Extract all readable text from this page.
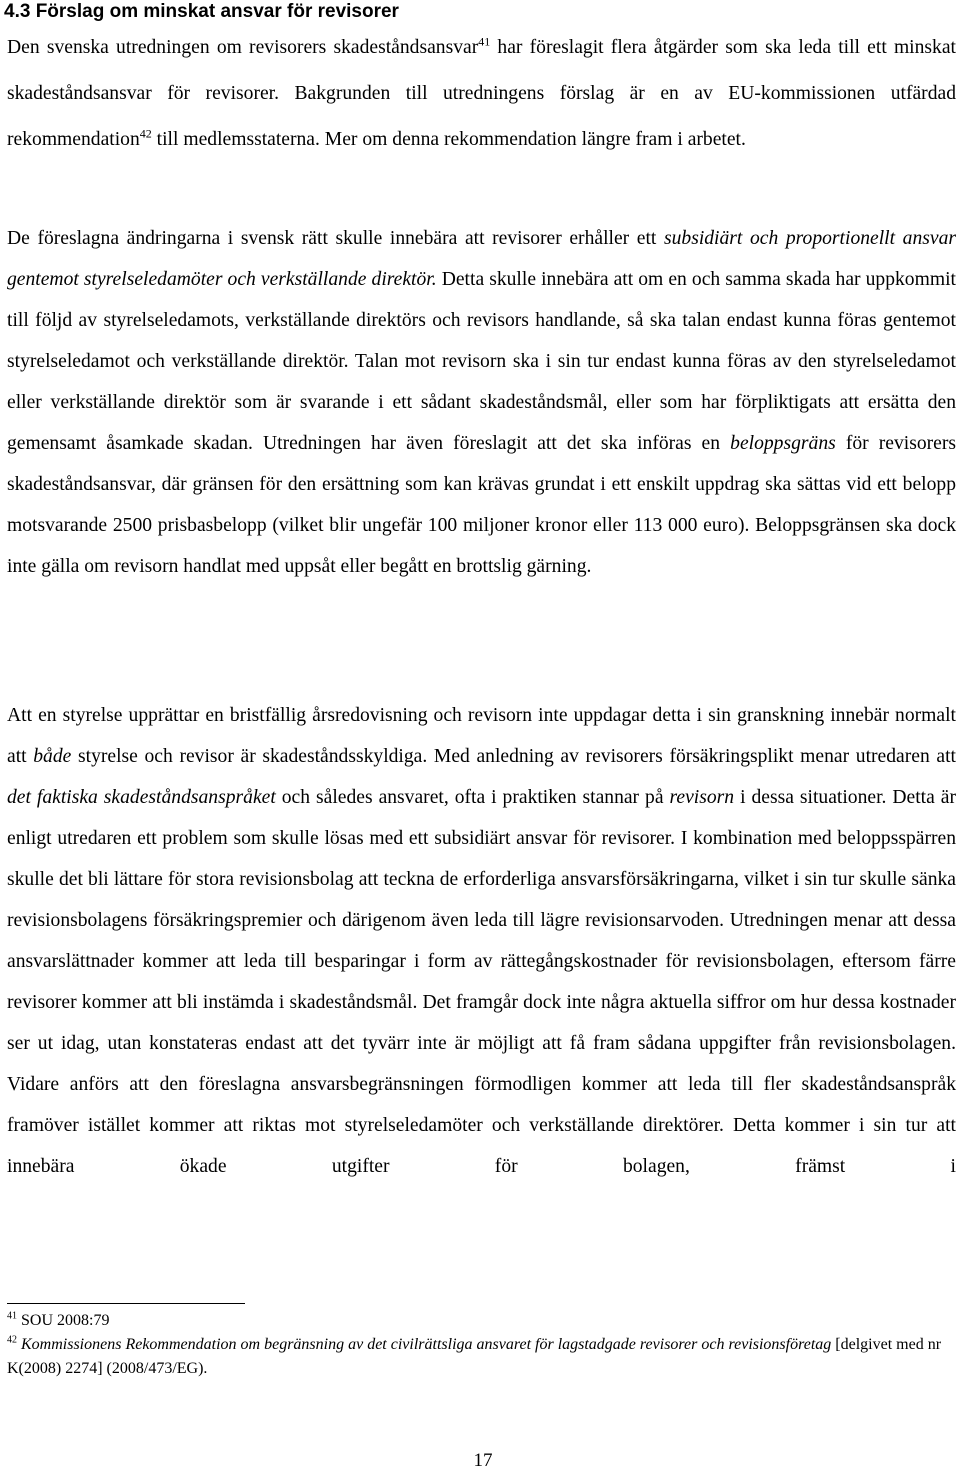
4.3 Förslag om minskat ansvar för revisorer

Den svenska utredningen om revisorers skadeståndsansvar$^{41}$ har föreslagit flera åtgärder som ska leda till ett minskat skadeståndsansvar för revisorer. Bakgrunden till utredningens förslag är en av EU-kommissionen utfärdad rekommendation$^{42}$ till medlemsstaterna. Mer om denna rekommendation längre fram i arbetet.

De föreslagna ändringarna i svensk rätt skulle innebära att revisorer erhåller ett subsidiärt och proportionellt ansvar gentemot styrelseledamöter och verkställande direktör. Detta skulle innebära att om en och samma skada har uppkommit till följd av styrelseledamots, verkställande direktörs och revisors handlande, så ska talan endast kunna föras gentemot styrelseledamot och verkställande direktör. Talan mot revisorn ska i sin tur endast kunna föras av den styrelseledamot eller verkställande direktör som är svarande i ett sådant skadeståndsmål, eller som har förpliktigats att ersätta den gemensamt åsamkade skadan. Utredningen har även föreslagit att det ska införas en beloppsgräns för revisorers skadeståndsansvar, där gränsen för den ersättning som kan krävas grundat i ett enskilt uppdrag ska sättas vid ett belopp motsvarande 2500 prisbasbelopp (vilket blir ungefär 100 miljoner kronor eller 113 000 euro). Beloppsgränsen ska dock inte gälla om revisorn handlat med uppsåt eller begått en brottslig gärning.

Att en styrelse upprättar en bristfällig årsredovisning och revisorn inte uppdagar detta i sin granskning innebär normalt att både styrelse och revisor är skadeståndsskyldiga. Med anledning av revisorers försäkringsplikt menar utredaren att det faktiska skadeståndsanspråket och således ansvaret, ofta i praktiken stannar på revisorn i dessa situationer. Detta är enligt utredaren ett problem som skulle lösas med ett subsidiärt ansvar för revisorer. I kombination med beloppsspärren skulle det bli lättare för stora revisionsbolag att teckna de erforderliga ansvarsförsäkringarna, vilket i sin tur skulle sänka revisionsbolagens försäkringspremier och därigenom även leda till lägre revisionsarvoden. Utredningen menar att dessa ansvarslättnader kommer att leda till besparingar i form av rättegångskostnader för revisionsbolagen, eftersom färre revisorer kommer att bli instämda i skadeståndsmål. Det framgår dock inte några aktuella siffror om hur dessa kostnader ser ut idag, utan konstateras endast att det tyvärr inte är möjligt att få fram sådana uppgifter från revisionsbolagen. Vidare anförs att den föreslagna ansvarsbegränsningen förmodligen kommer att leda till fler skadeståndsanspråk framöver istället kommer att riktas mot styrelseledamöter och verkställande direktörer. Detta kommer i sin tur att innebära ökade utgifter för bolagen, främst i

$^{41}$ SOU 2008:79

$^{42}$ Kommissionens Rekommendation om begränsning av det civilrättsliga ansvaret för lagstadgade revisorer och revisionsföretag [delgivet med nr K(2008) 2274] (2008/473/EG).

17
